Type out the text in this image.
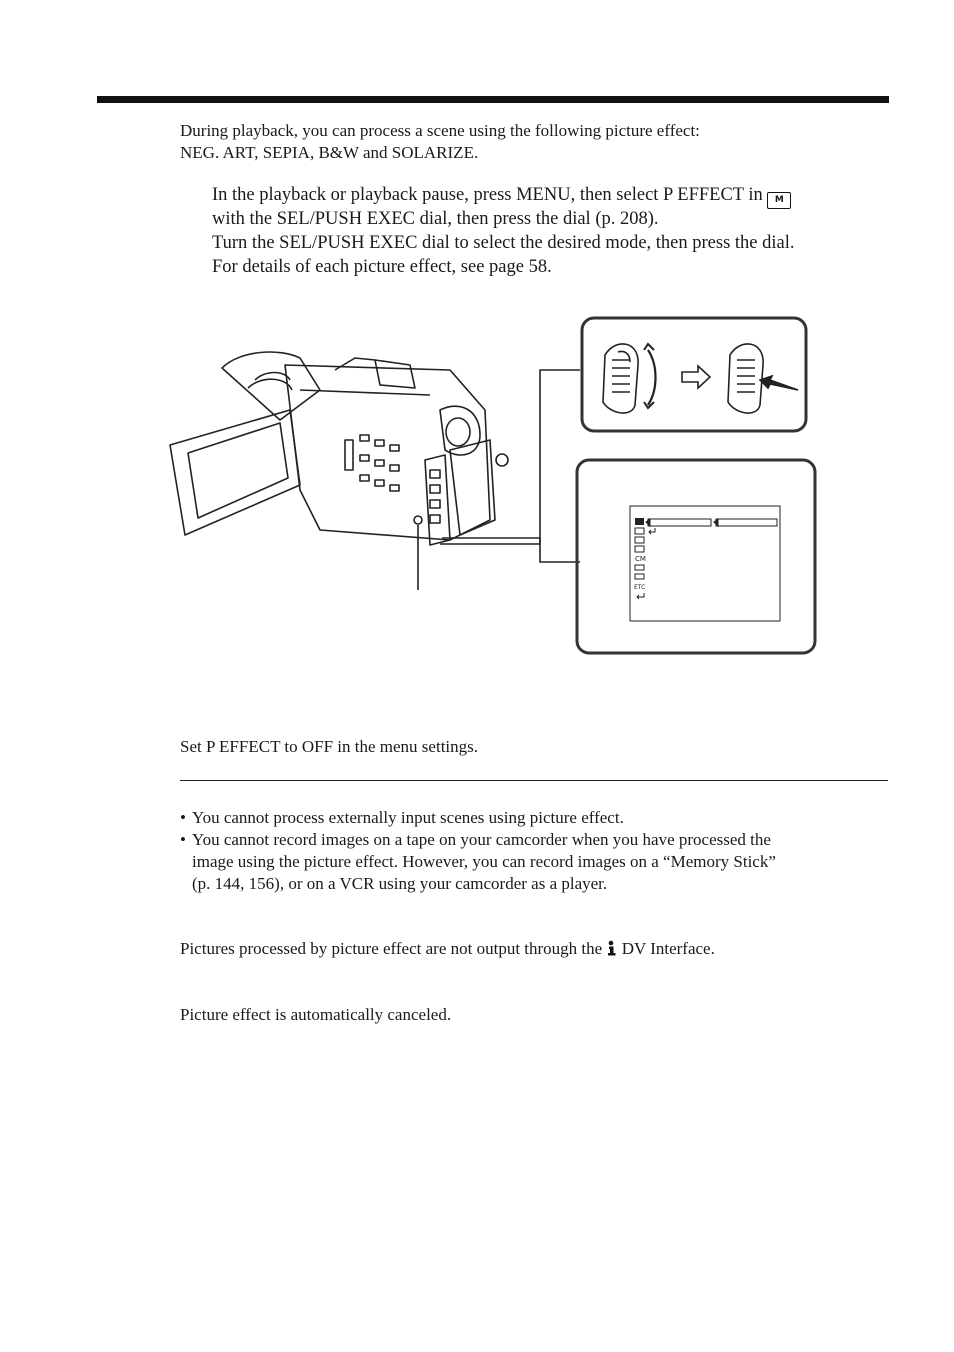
During playback, you can process a scene using the following picture effect:
NEG. ART, SEPIA, B&W and SOLARIZE.
In the playback or playback pause, press MENU, then select P EFFECT in M
with the SEL/PUSH EXEC dial, then press the dial (p. 208).
Turn the SEL/PUSH EXEC dial to select the desired mode, then press the dial.
For details of each picture effect, see page 58.
CM
ETC
Set P EFFECT to OFF in the menu settings.
• You cannot process externally input scenes using picture effect.
• You cannot record images on a tape on your camcorder when you have processed the
image using the picture effect. However, you can record images on a “Memory Stick”
(p. 144, 156), or on a VCR using your camcorder as a player.
Pictures processed by picture effect are not output through the DV Interface.
Picture effect is automatically canceled.
